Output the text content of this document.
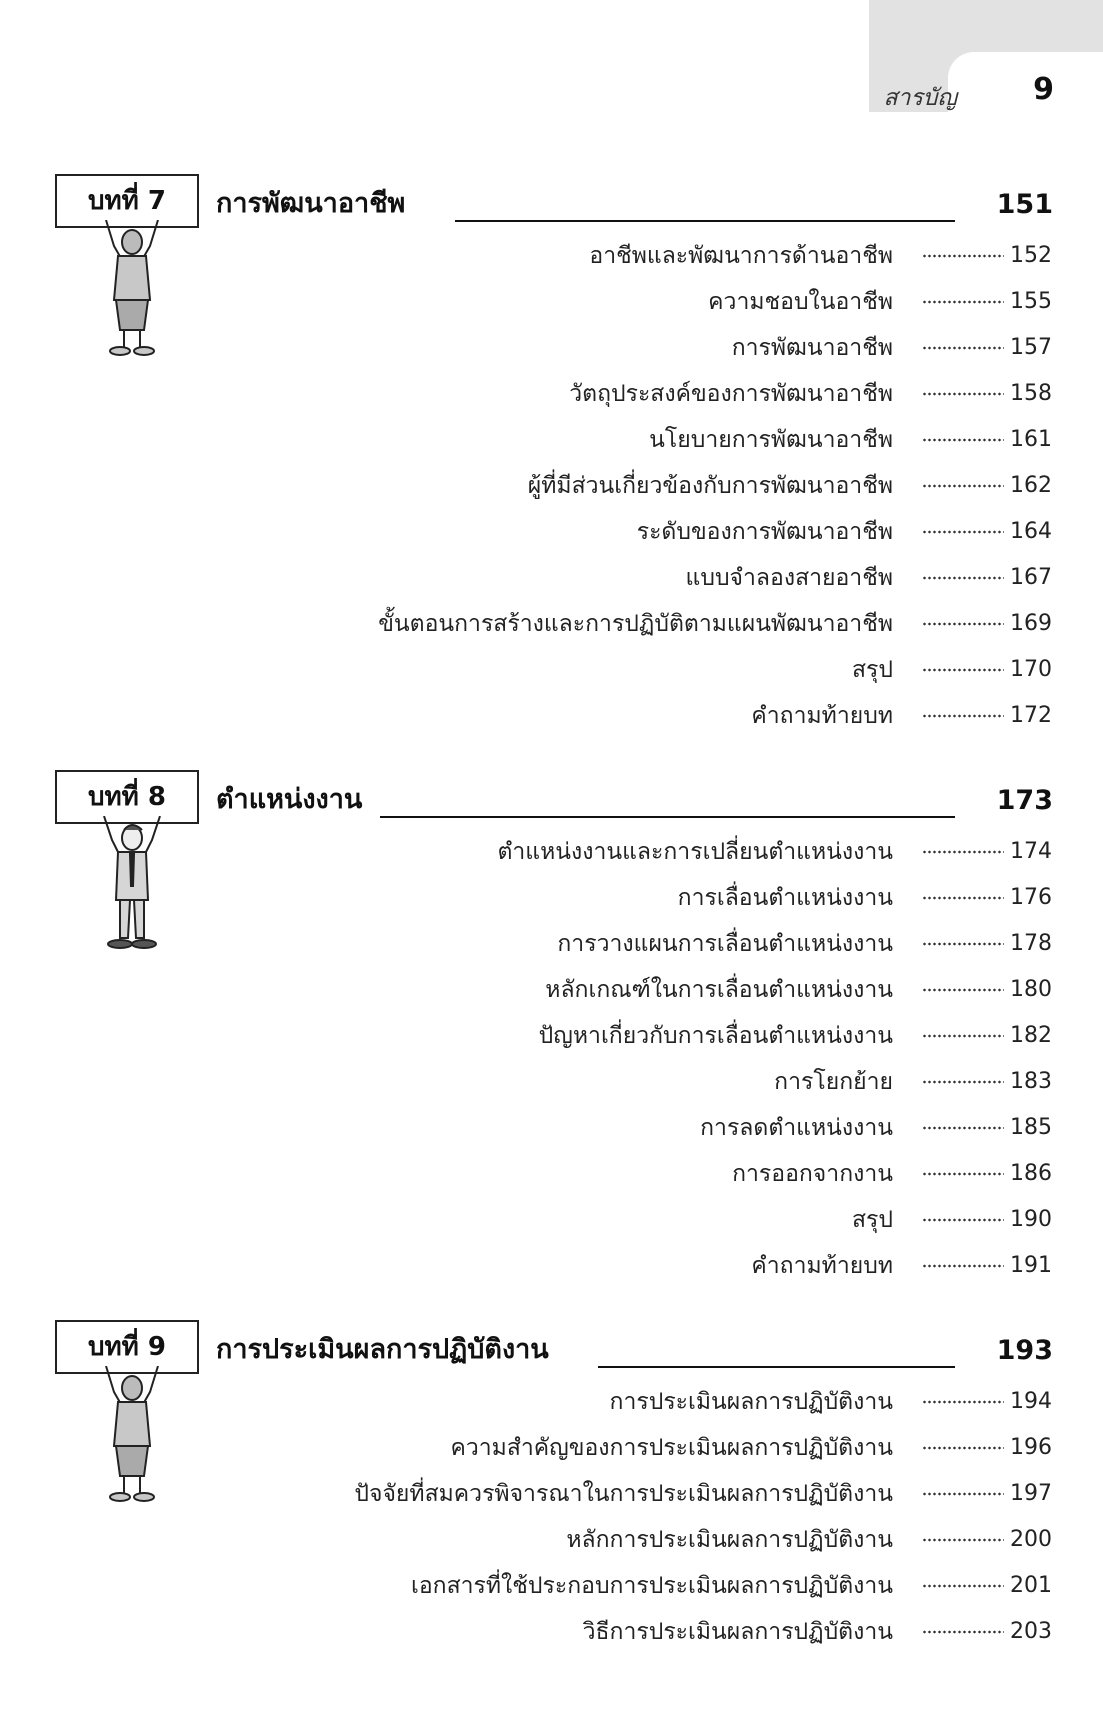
สารบัญ	9
บทที่ 7	การพัฒนาอาชีพ	151
อาชีพและพัฒนาการด้านอาชีพ	152
ความชอบในอาชีพ	155
การพัฒนาอาชีพ	157
วัตถุประสงค์ของการพัฒนาอาชีพ	158
นโยบายการพัฒนาอาชีพ	161
ผู้ที่มีส่วนเกี่ยวข้องกับการพัฒนาอาชีพ	162
ระดับของการพัฒนาอาชีพ	164
แบบจำลองสายอาชีพ	167
ขั้นตอนการสร้างและการปฏิบัติตามแผนพัฒนาอาชีพ	169
สรุป	170
คำถามท้ายบท	172
บทที่ 8	ตำแหน่งงาน	173
ตำแหน่งงานและการเปลี่ยนตำแหน่งงาน	174
การเลื่อนตำแหน่งงาน	176
การวางแผนการเลื่อนตำแหน่งงาน	178
หลักเกณฑ์ในการเลื่อนตำแหน่งงาน	180
ปัญหาเกี่ยวกับการเลื่อนตำแหน่งงาน	182
การโยกย้าย	183
การลดตำแหน่งงาน	185
การออกจากงาน	186
สรุป	190
คำถามท้ายบท	191
บทที่ 9	การประเมินผลการปฏิบัติงาน	193
การประเมินผลการปฏิบัติงาน	194
ความสำคัญของการประเมินผลการปฏิบัติงาน	196
ปัจจัยที่สมควรพิจารณาในการประเมินผลการปฏิบัติงาน	197
หลักการประเมินผลการปฏิบัติงาน	200
เอกสารที่ใช้ประกอบการประเมินผลการปฏิบัติงาน	201
วิธีการประเมินผลการปฏิบัติงาน	203
